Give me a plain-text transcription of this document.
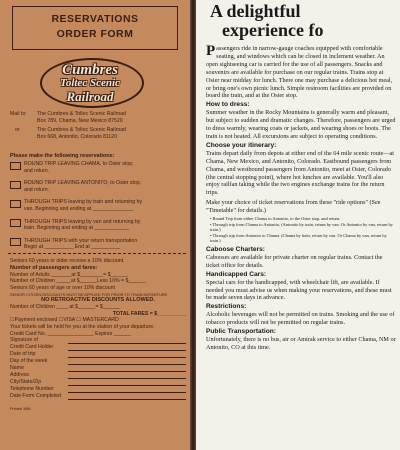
RESERVATIONS
ORDER FORM
Cumbres
Toltec Scenic
Railroad
Mail to:	The Cumbres & Toltec Scenic Railroad
Box 789, Chama, New Mexico 87520
or	The Cumbres & Toltec Scenic Railroad
Box 668, Antonito, Colorado 81120
Please make the following reservations:
ROUND TRIP LEAVING CHAMA, to Osier stop,
and return.
ROUND TRIP LEAVING ANTONITO, to Osier stop,
and return.
THROUGH TRIPS leaving by train and returning by
van. Beginning and ending at ______________
THROUGH TRIPS leaving by van and returning by
train. Beginning and ending at ____________
THROUGH TRIPS with your return transportation
Begin at __________ End at __________
Seniors 60 years or older receive a 10% discount.
Number of passengers and fares:
Number of Adults _______at $________= $______
Number of Children _____at $______Less 10% = $______
Seniors 60 years of age or over 10% discount
SENIOR CITIZEN DISCOUNTS MUST BE APPLIED FOR PRIOR TO TRAIN DEPARTURE
NO RETROACTIVE DISCOUNTS ALLOWED.
Number of Children ____ at $______= $______
TOTAL FARES = $__________
☐Payment enclosed ☐VISA ☐ MASTERCARD
Your tickets will be held for you at the station of your departure.
Credit Card No. ________________ Expires ______
Signature of
Credit Card Holder
Date of trip
Day of the week
Name
Address
City/State/Zip
Telephone Number
Date Form Completed
Printed 3/86
A delightful
experience fo

Passengers ride in narrow-gauge coaches equipped with comfortable seating, and windows which can be closed in inclement weather. An open sightseeing car is carried for the use of all passengers. Snacks and souvenirs are available for purchase on our regular trains. Trains stop at Osier near midday for lunch. There one may purchase a delicious hot meal, or bring one's own picnic lunch. Simple restroom facilities are provided on board the train, and at the Osier stop.

How to dress:

Summer weather in the Rocky Mountains is generally warm and pleasant, but subject to sudden and dramatic changes. Therefore, passengers are urged to dress warmly, wearing coats or jackets, and wearing shoes or boots. The train is not heated. All excursions are subject to operating conditions.

Choose your itinerary:

Trains depart daily from depots at either end of the 64 mile scenic route—at Chama, New Mexico, and Antonito, Colorado. Eastbound passengers from Chama, and westbound passengers from Antonito, meet at Osier, Colorado (the central stopping point), where hot lunches are available. You'll also enjoy railfan taking while the two engines exchange trains for the return trips.

Make your choice of ticket reservations from these "ride options" (See "Timetable" for details.)

• Round Trip from either Chama to Antonito, to the Osier stop, and return.
• Through trip from Chama to Antonito, (Antonito by train, return by van. Or Antonito by van, return by train.)
• Through trip from Antonito to Chama. (Chama by train, return by van. Or Chama by van, return by train.)
Caboose Charters:

Cabooses are available for private charter on regular trains. Contact the ticket office for details.

Handicapped Cars:

Special cars for the handicapped, with wheelchair lift, are available. If needed you must advise us when making your reservations, and these must be made seven days in advance.

Restrictions:

Alcoholic beverages will not be permitted on trains. Smoking and the use of tobacco products will not be permitted on regular trains.

Public Transportation:

Unfortunately, there is no bus, air or Amtrak service to either Chama, NM or Antonito, CO at this time.
